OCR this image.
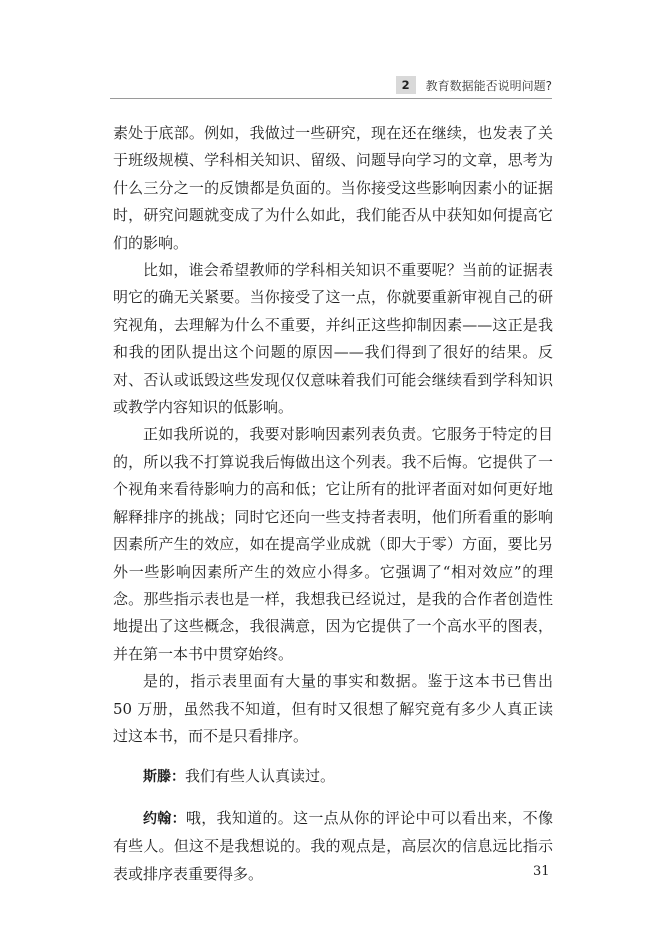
2	教育数据能否说明问题?

素处于底部。例如，我做过一些研究，现在还在继续，也发表了关于班级规模、学科相关知识、留级、问题导向学习的文章，思考为什么三分之一的反馈都是负面的。当你接受这些影响因素小的证据时，研究问题就变成了为什么如此，我们能否从中获知如何提高它们的影响。

比如，谁会希望教师的学科相关知识不重要呢？当前的证据表明它的确无关紧要。当你接受了这一点，你就要重新审视自己的研究视角，去理解为什么不重要，并纠正这些抑制因素——这正是我和我的团队提出这个问题的原因——我们得到了很好的结果。反对、否认或诋毁这些发现仅仅意味着我们可能会继续看到学科知识或教学内容知识的低影响。

正如我所说的，我要对影响因素列表负责。它服务于特定的目的，所以我不打算说我后悔做出这个列表。我不后悔。它提供了一个视角来看待影响力的高和低；它让所有的批评者面对如何更好地解释排序的挑战；同时它还向一些支持者表明，他们所看重的影响因素所产生的效应，如在提高学业成就（即大于零）方面，要比另外一些影响因素所产生的效应小得多。它强调了“相对效应”的理念。那些指示表也是一样，我想我已经说过，是我的合作者创造性地提出了这些概念，我很满意，因为它提供了一个高水平的图表，并在第一本书中贯穿始终。

是的，指示表里面有大量的事实和数据。鉴于这本书已售出 50 万册，虽然我不知道，但有时又很想了解究竟有多少人真正读过这本书，而不是只看排序。

斯滕：我们有些人认真读过。

约翰：哦，我知道的。这一点从你的评论中可以看出来，不像有些人。但这不是我想说的。我的观点是，高层次的信息远比指示表或排序表重要得多。	31
